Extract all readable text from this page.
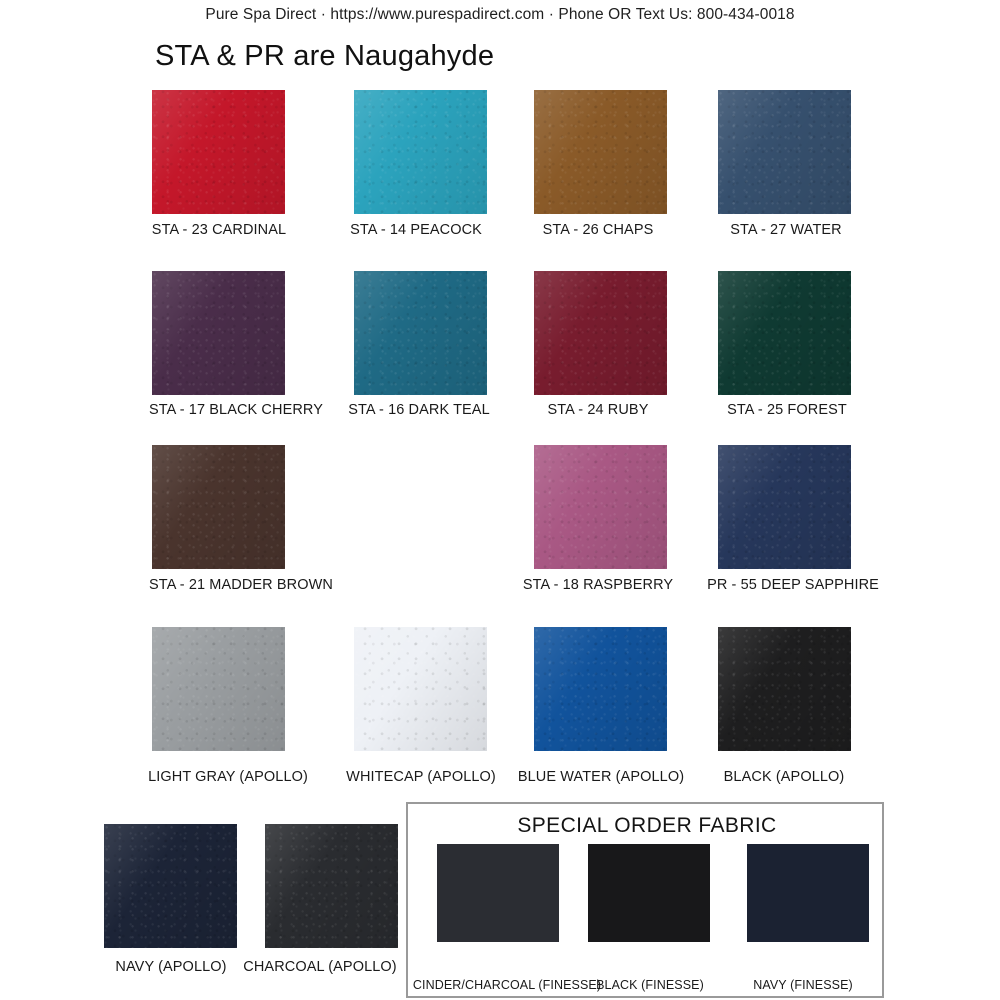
Pure Spa Direct · https://www.purespadirect.com · Phone OR Text Us: 800-434-0018
STA & PR are Naugahyde
STA - 23 CARDINAL	STA - 14 PEACOCK	STA - 26 CHAPS	STA - 27 WATER
STA - 17 BLACK CHERRY STA - 16 DARK TEAL	STA - 24 RUBY	STA - 25 FOREST
STA - 21 MADDER BROWN	STA - 18 RASPBERRY PR - 55 DEEP SAPPHIRE
LIGHT GRAY (APOLLO)	WHITECAP (APOLLO) BLUE WATER (APOLLO)	BLACK (APOLLO)
NAVY (APOLLO) CHARCOAL (APOLLO)
SPECIAL ORDER FABRIC
CINDER/CHARCOAL (FINESSE)
BLACK (FINESSE)	NAVY (FINESSE)
